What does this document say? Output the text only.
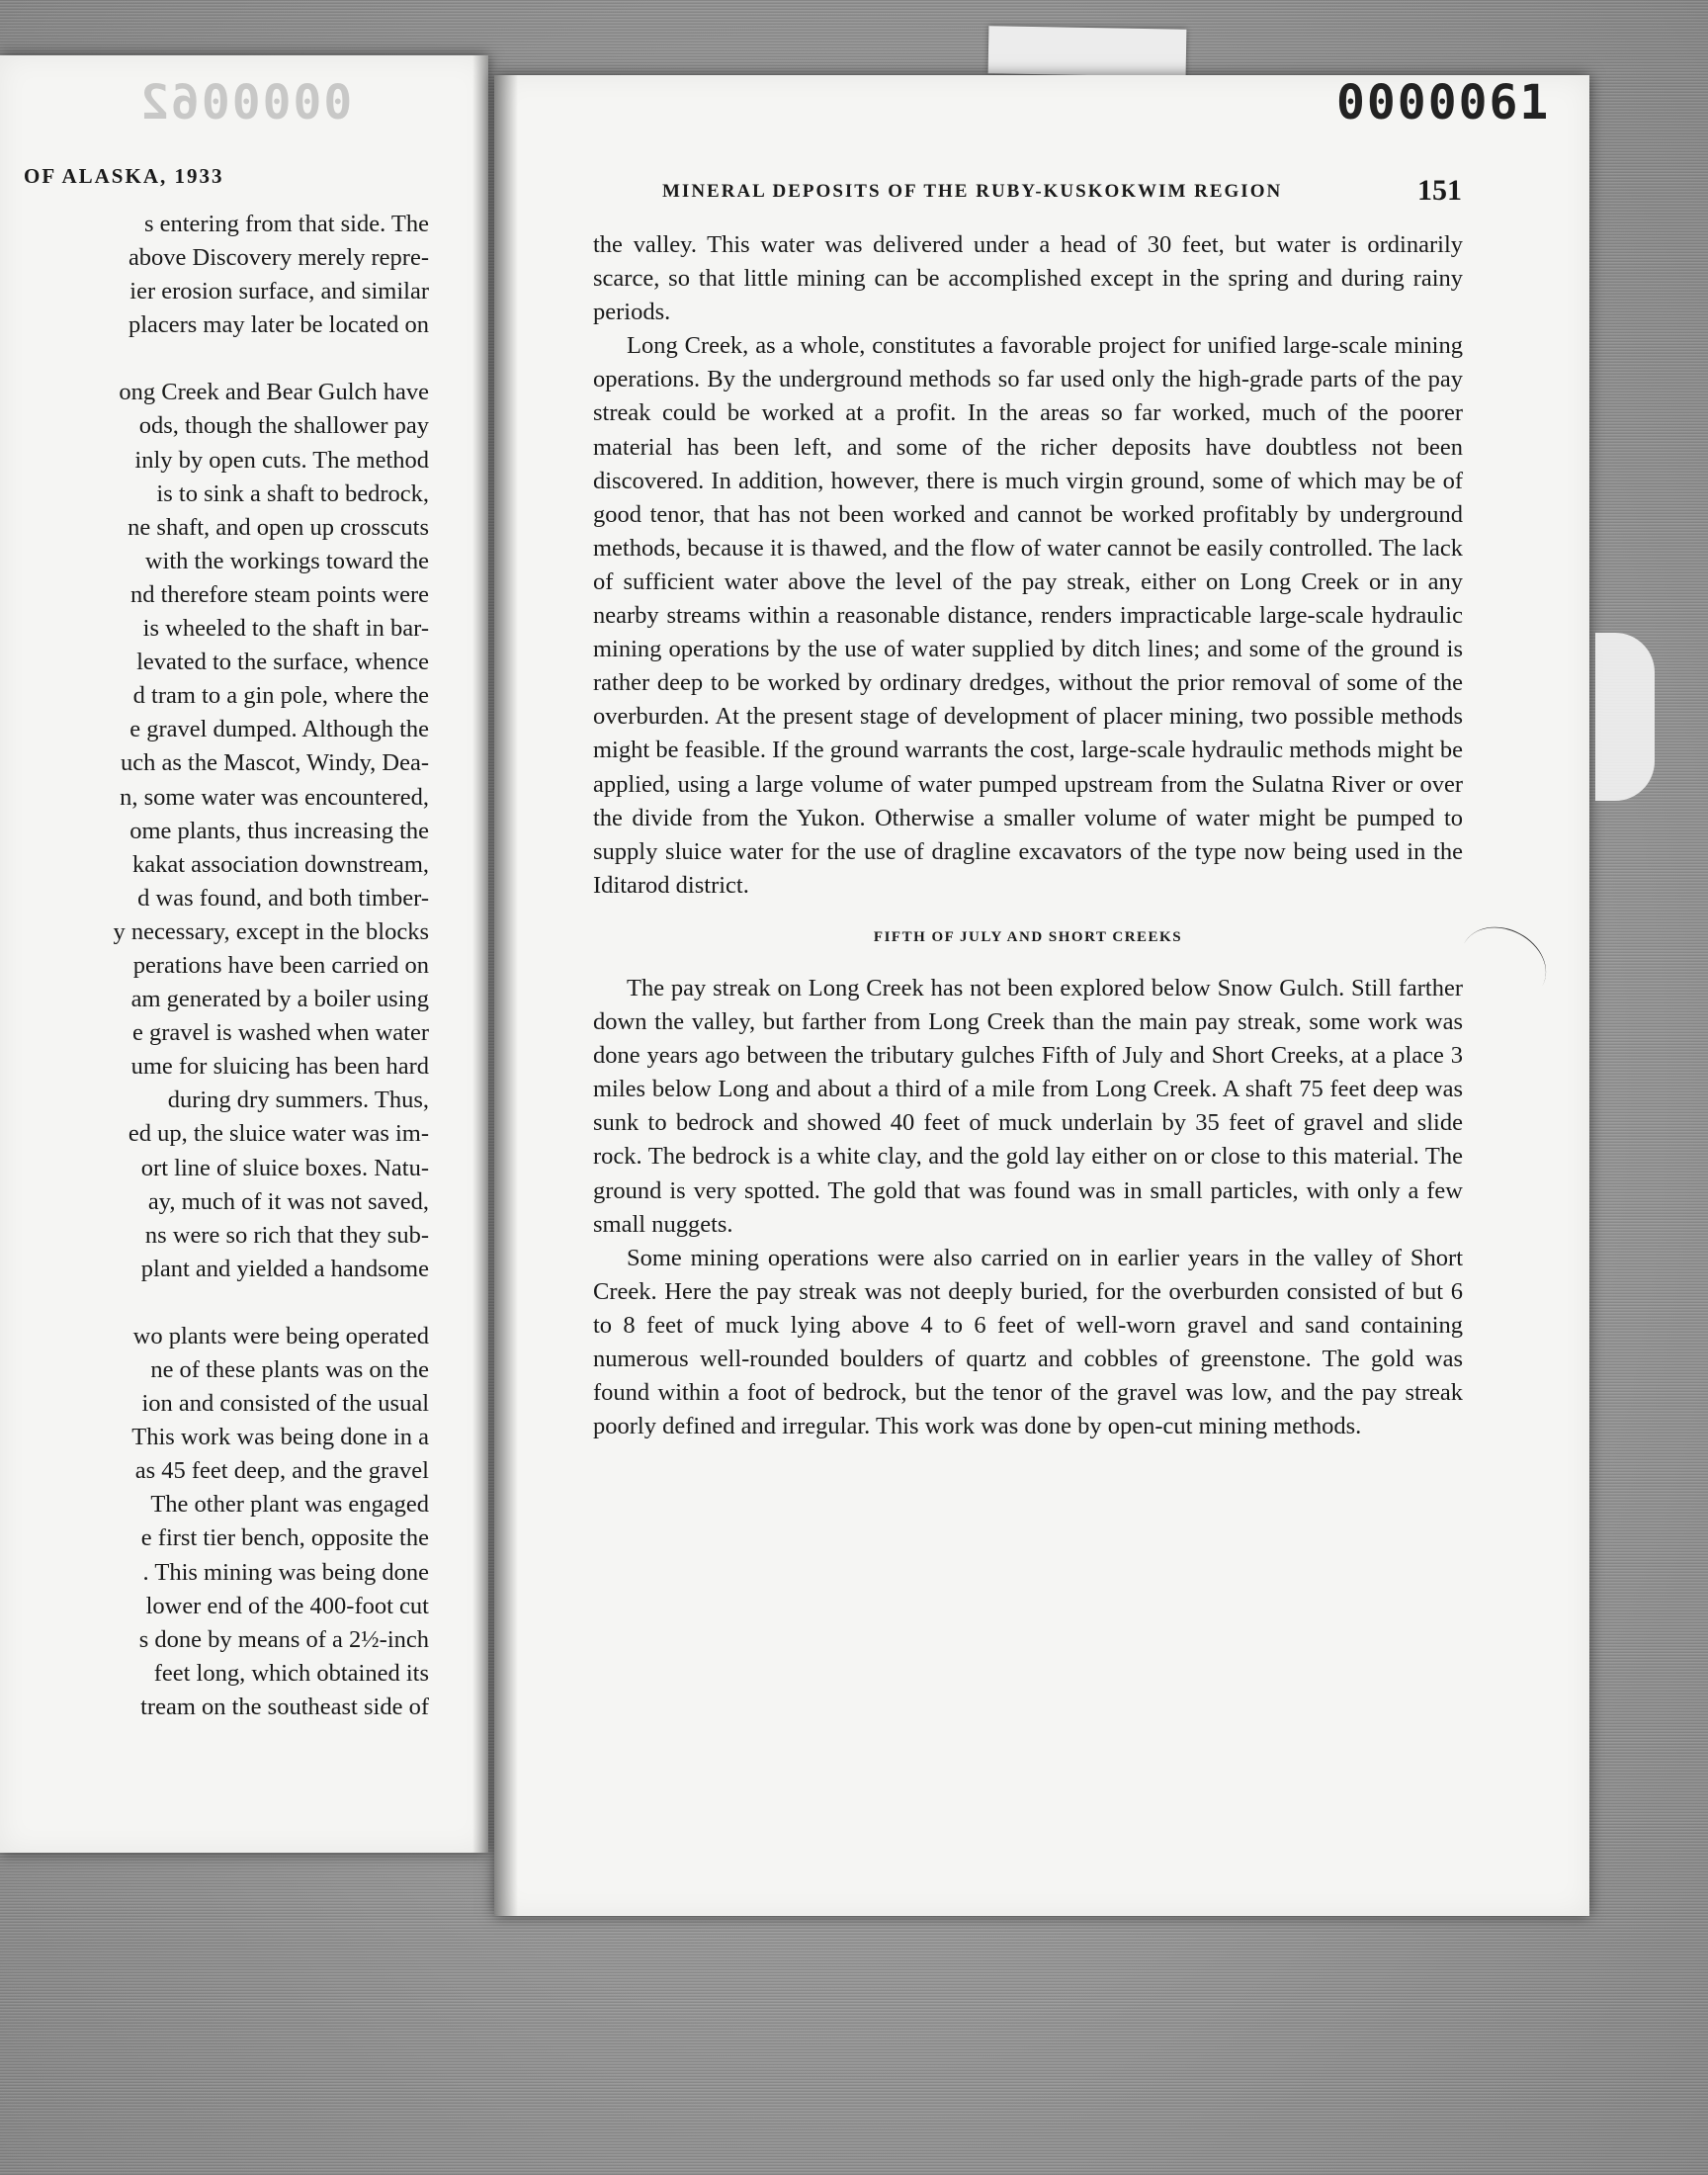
0000062
OF ALASKA, 1933
s entering from that side. The
above Discovery merely repre-
ier erosion surface, and similar
placers may later be located on
ong Creek and Bear Gulch have
ods, though the shallower pay
inly by open cuts. The method
is to sink a shaft to bedrock,
ne shaft, and open up crosscuts
with the workings toward the
nd therefore steam points were
is wheeled to the shaft in bar-
levated to the surface, whence
d tram to a gin pole, where the
e gravel dumped. Although the
uch as the Mascot, Windy, Dea-
n, some water was encountered,
ome plants, thus increasing the
kakat association downstream,
d was found, and both timber-
y necessary, except in the blocks
perations have been carried on
am generated by a boiler using
e gravel is washed when water
ume for sluicing has been hard
during dry summers. Thus,
ed up, the sluice water was im-
ort line of sluice boxes. Natu-
ay, much of it was not saved,
ns were so rich that they sub-
plant and yielded a handsome
wo plants were being operated
ne of these plants was on the
ion and consisted of the usual
This work was being done in a
as 45 feet deep, and the gravel
The other plant was engaged
e first tier bench, opposite the
. This mining was being done
lower end of the 400-foot cut
s done by means of a 2½-inch
feet long, which obtained its
tream on the southeast side of
0000061
MINERAL DEPOSITS OF THE RUBY-KUSKOKWIM REGION	151

the valley. This water was delivered under a head of 30 feet, but water is ordinarily scarce, so that little mining can be accomplished except in the spring and during rainy periods.

Long Creek, as a whole, constitutes a favorable project for unified large-scale mining operations. By the underground methods so far used only the high-grade parts of the pay streak could be worked at a profit. In the areas so far worked, much of the poorer material has been left, and some of the richer deposits have doubtless not been discovered. In addition, however, there is much virgin ground, some of which may be of good tenor, that has not been worked and cannot be worked profitably by underground methods, because it is thawed, and the flow of water cannot be easily controlled. The lack of sufficient water above the level of the pay streak, either on Long Creek or in any nearby streams within a reasonable distance, renders impracticable large-scale hydraulic mining operations by the use of water supplied by ditch lines; and some of the ground is rather deep to be worked by ordinary dredges, without the prior removal of some of the overburden. At the present stage of development of placer mining, two possible methods might be feasible. If the ground warrants the cost, large-scale hydraulic methods might be applied, using a large volume of water pumped upstream from the Sulatna River or over the divide from the Yukon. Otherwise a smaller volume of water might be pumped to supply sluice water for the use of dragline excavators of the type now being used in the Iditarod district.

FIFTH OF JULY AND SHORT CREEKS

The pay streak on Long Creek has not been explored below Snow Gulch. Still farther down the valley, but farther from Long Creek than the main pay streak, some work was done years ago between the tributary gulches Fifth of July and Short Creeks, at a place 3 miles below Long and about a third of a mile from Long Creek. A shaft 75 feet deep was sunk to bedrock and showed 40 feet of muck underlain by 35 feet of gravel and slide rock. The bedrock is a white clay, and the gold lay either on or close to this material. The ground is very spotted. The gold that was found was in small particles, with only a few small nuggets.

Some mining operations were also carried on in earlier years in the valley of Short Creek. Here the pay streak was not deeply buried, for the overburden consisted of but 6 to 8 feet of muck lying above 4 to 6 feet of well-worn gravel and sand containing numerous well-rounded boulders of quartz and cobbles of greenstone. The gold was found within a foot of bedrock, but the tenor of the gravel was low, and the pay streak poorly defined and irregular. This work was done by open-cut mining methods.
